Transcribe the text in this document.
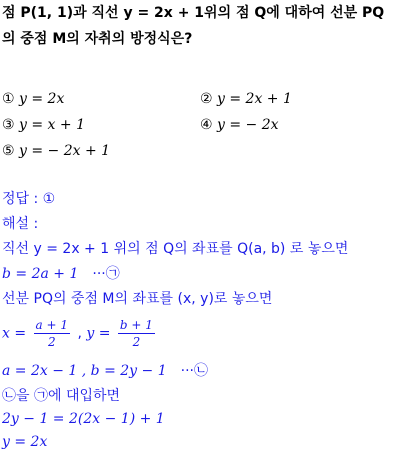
점 P(1, 1)과 직선 y = 2x + 1위의 점 Q에 대하여 선분 PQ
의 중점 M의 자취의 방정식은?
① y = 2x	② y = 2x + 1
③ y = x + 1	④ y = − 2x
⑤ y = − 2x + 1
정답 : ①
해설 :
직선 y = 2x + 1 위의 점 Q의 좌표를 Q(a, b) 로 놓으면
b = 2a + 1 ···㉠
선분 PQ의 중점 M의 좌표를 (x, y)로 놓으면
$x = \frac{a + 1}{2}$ , $y = \frac{b + 1}{2}$
a = 2x − 1 , b = 2y − 1 ···㉡
㉡을 ㉠에 대입하면
2y − 1 = 2(2x − 1) + 1
y = 2x
